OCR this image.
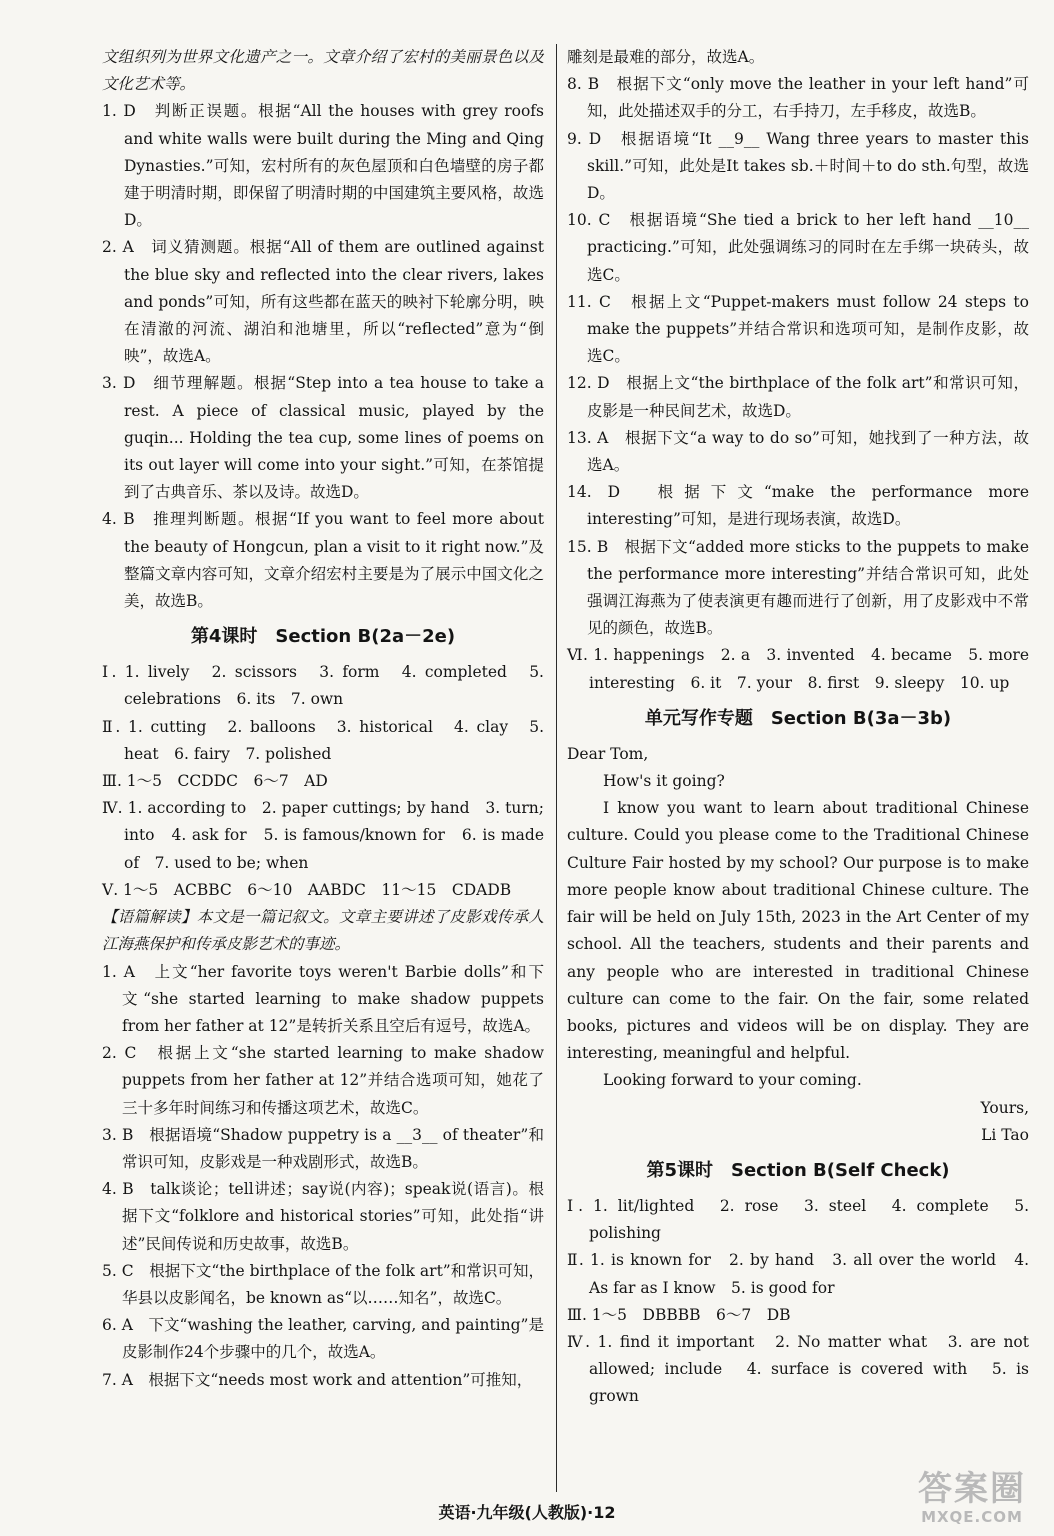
文组织列为世界文化遗产之一。文章介绍了宏村的美丽景色以及文化艺术等。

1. D　判断正误题。根据“All the houses with grey roofs and white walls were built during the Ming and Qing Dynasties.”可知，宏村所有的灰色屋顶和白色墙壁的房子都建于明清时期，即保留了明清时期的中国建筑主要风格，故选D。

2. A　词义猜测题。根据“All of them are outlined against the blue sky and reflected into the clear rivers, lakes and ponds”可知，所有这些都在蓝天的映衬下轮廓分明，映在清澈的河流、湖泊和池塘里，所以“reflected”意为“倒映”，故选A。

3. D　细节理解题。根据“Step into a tea house to take a rest. A piece of classical music, played by the guqin... Holding the tea cup, some lines of poems on its out layer will come into your sight.”可知，在茶馆提到了古典音乐、茶以及诗。故选D。

4. B　推理判断题。根据“If you want to feel more about the beauty of Hongcun, plan a visit to it right now.”及整篇文章内容可知，文章介绍宏村主要是为了展示中国文化之美，故选B。

第4课时　Section B(2a－2e)

Ⅰ. 1. lively　2. scissors　3. form　4. completed　5. celebrations　6. its　7. own

Ⅱ. 1. cutting　2. balloons　3. historical　4. clay　5. heat　6. fairy　7. polished

Ⅲ. 1～5　CCDDC　6～7　AD

Ⅳ. 1. according to　2. paper cuttings; by hand　3. turn; into　4. ask for　5. is famous/known for　6. is made of　7. used to be; when

Ⅴ. 1～5　ACBBC　6～10　AABDC　11～15　CDADB

【语篇解读】本文是一篇记叙文。文章主要讲述了皮影戏传承人江海燕保护和传承皮影艺术的事迹。

1. A　上文“her favorite toys weren't Barbie dolls”和下文“she started learning to make shadow puppets from her father at 12”是转折关系且空后有逗号，故选A。

2. C　根据上文“she started learning to make shadow puppets from her father at 12”并结合选项可知，她花了三十多年时间练习和传播这项艺术，故选C。

3. B　根据语境“Shadow puppetry is a __3__ of theater”和常识可知，皮影戏是一种戏剧形式，故选B。

4. B　talk谈论；tell讲述；say说(内容)；speak说(语言)。根据下文“folklore and historical stories”可知，此处指“讲述”民间传说和历史故事，故选B。

5. C　根据下文“the birthplace of the folk art”和常识可知，华县以皮影闻名，be known as“以……知名”，故选C。

6. A　下文“washing the leather, carving, and painting”是皮影制作24个步骤中的几个，故选A。

7. A　根据下文“needs most work and attention”可推知，

雕刻是最难的部分，故选A。

8. B　根据下文“only move the leather in your left hand”可知，此处描述双手的分工，右手持刀，左手移皮，故选B。

9. D　根据语境“It __9__ Wang three years to master this skill.”可知，此处是It takes sb.＋时间＋to do sth.句型，故选D。

10. C　根据语境“She tied a brick to her left hand __10__ practicing.”可知，此处强调练习的同时在左手绑一块砖头，故选C。

11. C　根据上文“Puppet-makers must follow 24 steps to make the puppets”并结合常识和选项可知，是制作皮影，故选C。

12. D　根据上文“the birthplace of the folk art”和常识可知，皮影是一种民间艺术，故选D。

13. A　根据下文“a way to do so”可知，她找到了一种方法，故选A。

14. D　根据下文“make the performance more interesting”可知，是进行现场表演，故选D。

15. B　根据下文“added more sticks to the puppets to make the performance more interesting”并结合常识可知，此处强调江海燕为了使表演更有趣而进行了创新，用了皮影戏中不常见的颜色，故选B。

Ⅵ. 1. happenings　2. a　3. invented　4. became　5. more interesting　6. it　7. your　8. first　9. sleepy　10. up

单元写作专题　Section B(3a－3b)

Dear Tom,

How's it going?

I know you want to learn about traditional Chinese culture. Could you please come to the Traditional Chinese Culture Fair hosted by my school? Our purpose is to make more people know about traditional Chinese culture. The fair will be held on July 15th, 2023 in the Art Center of my school. All the teachers, students and their parents and any people who are interested in traditional Chinese culture can come to the fair. On the fair, some related books, pictures and videos will be on display. They are interesting, meaningful and helpful.

Looking forward to your coming.

Yours,

Li Tao

第5课时　Section B(Self Check)

Ⅰ. 1. lit/lighted　2. rose　3. steel　4. complete　5. polishing

Ⅱ. 1. is known for　2. by hand　3. all over the world　4. As far as I know　5. is good for

Ⅲ. 1～5　DBBBB　6～7　DB

Ⅳ. 1. find it important　2. No matter what　3. are not allowed; include　4. surface is covered with　5. is grown

英语·九年级(人教版)·12
答案圈
MXQE.COM
